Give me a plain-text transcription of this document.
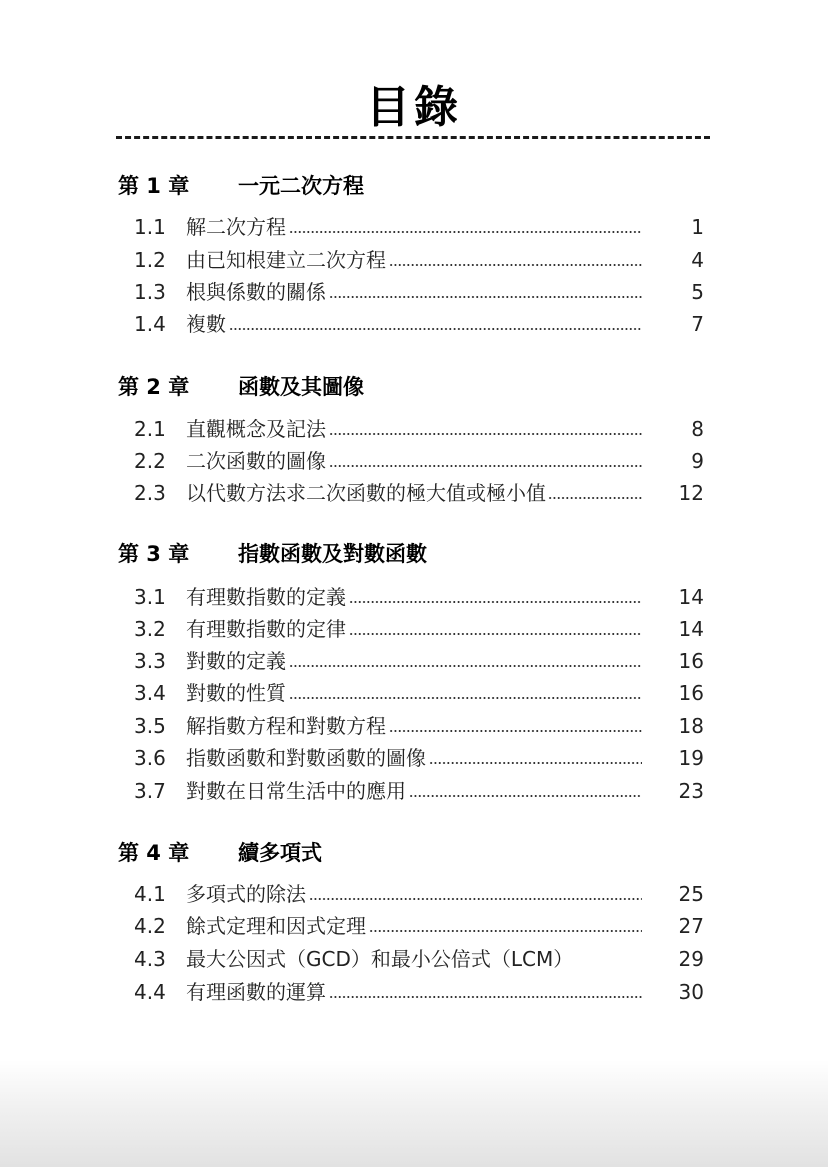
目錄
第 1 章 一元二次方程
1.1	解二次方程	1
1.2	由已知根建立二次方程	4
1.3	根與係數的關係	5
1.4	複數	7
第 2 章 函數及其圖像
2.1	直觀概念及記法	8
2.2	二次函數的圖像	9
2.3	以代數方法求二次函數的極大值或極小值	12
第 3 章 指數函數及對數函數
3.1	有理數指數的定義	14
3.2	有理數指數的定律	14
3.3	對數的定義	16
3.4	對數的性質	16
3.5	解指數方程和對數方程	18
3.6	指數函數和對數函數的圖像	19
3.7	對數在日常生活中的應用	23
第 4 章 續多項式
4.1	多項式的除法	25
4.2	餘式定理和因式定理	27
4.3	最大公因式（GCD）和最小公倍式（LCM）	29
4.4	有理函數的運算	30
